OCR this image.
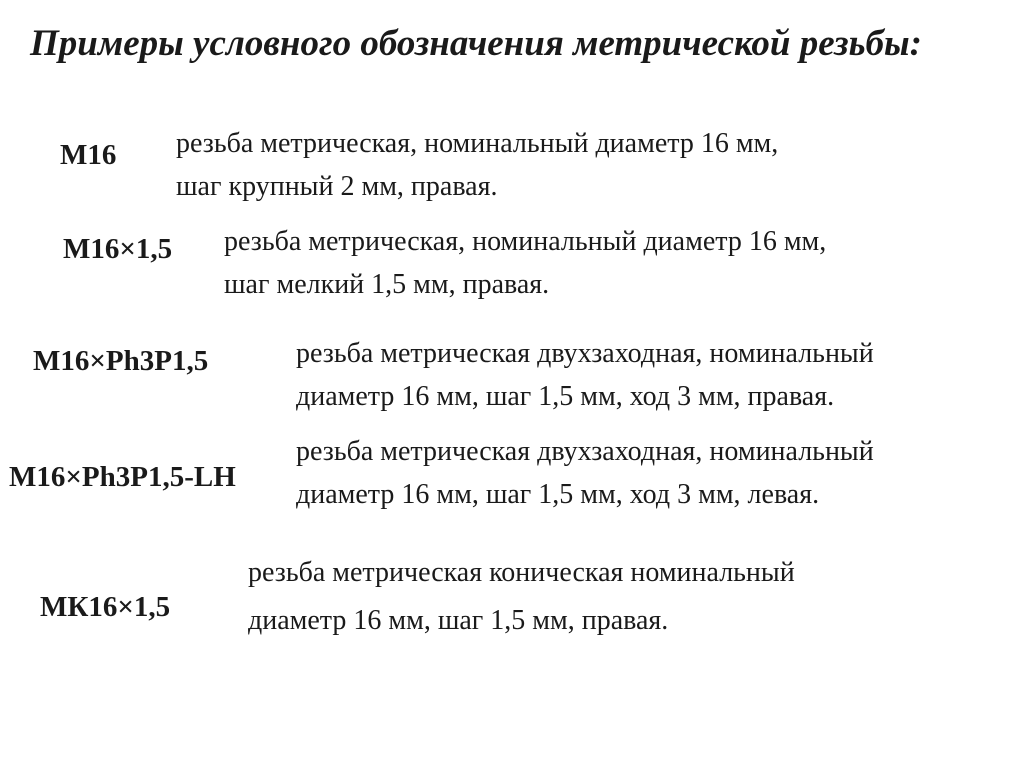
Примеры условного обозначения метрической резьбы:
М16 резьба метрическая, номинальный диаметр 16 мм,
шаг крупный 2 мм, правая.
М16×1,5 резьба метрическая, номинальный диаметр 16 мм,
шаг мелкий 1,5 мм, правая.
М16×Ph3P1,5	резьба метрическая двухзаходная, номинальный
диаметр 16 мм, шаг 1,5 мм, ход 3 мм, правая.
М16×Ph3P1,5-LH
резьба метрическая двухзаходная, номинальный
диаметр 16 мм, шаг 1,5 мм, ход 3 мм, левая.
МК16×1,5
резьба метрическая коническая номинальный
диаметр 16 мм, шаг 1,5 мм, правая.
